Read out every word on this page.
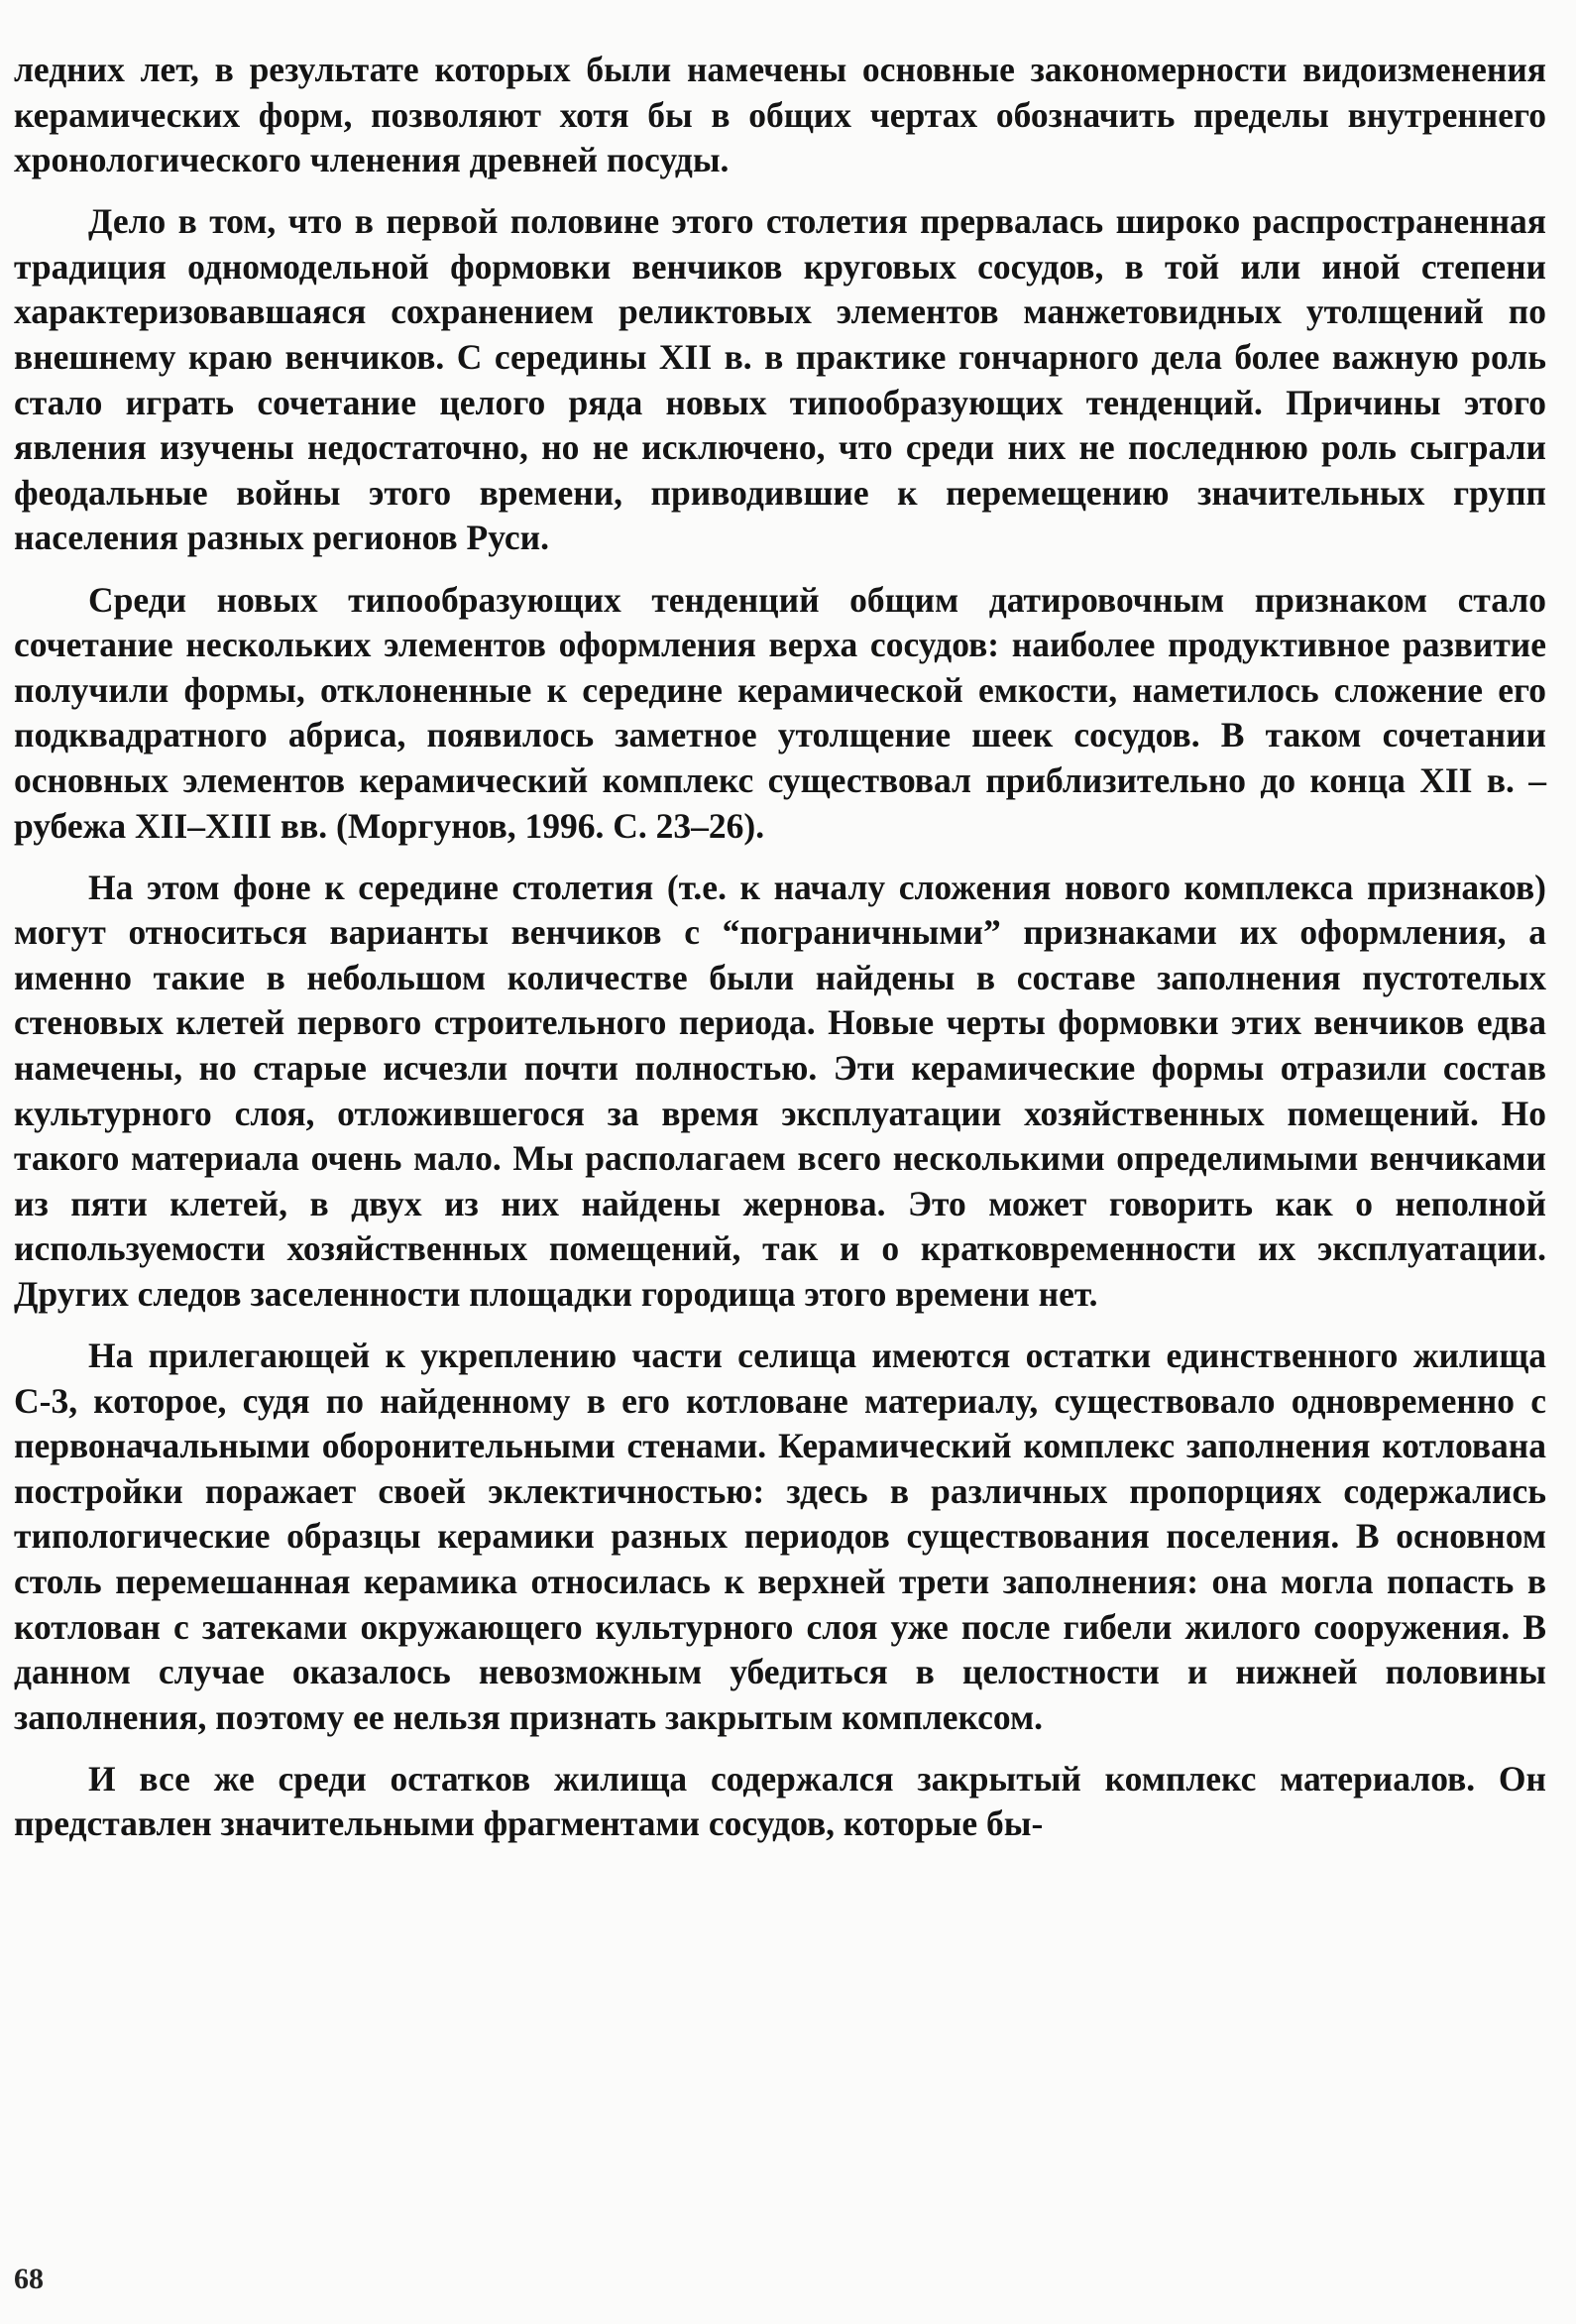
ледних лет, в результате которых были намечены основные закономерности видоизменения керамических форм, позволяют хотя бы в общих чертах обозначить пределы внутреннего хронологического членения древней посуды.

Дело в том, что в первой половине этого столетия прервалась широко распространенная традиция одномодельной формовки венчиков круговых сосудов, в той или иной степени характеризовавшаяся сохранением реликтовых элементов манжетовидных утолщений по внешнему краю венчиков. С середины XII в. в практике гончарного дела более важную роль стало играть сочетание целого ряда новых типообразующих тенденций. Причины этого явления изучены недостаточно, но не исключено, что среди них не последнюю роль сыграли феодальные войны этого времени, приводившие к перемещению значительных групп населения разных регионов Руси.

Среди новых типообразующих тенденций общим датировочным признаком стало сочетание нескольких элементов оформления верха сосудов: наиболее продуктивное развитие получили формы, отклоненные к середине керамической емкости, наметилось сложение его подквадратного абриса, появилось заметное утолщение шеек сосудов. В таком сочетании основных элементов керамический комплекс существовал приблизительно до конца XII в. – рубежа XII–XIII вв. (Моргунов, 1996. С. 23–26).

На этом фоне к середине столетия (т.е. к началу сложения нового комплекса признаков) могут относиться варианты венчиков с “пограничными” признаками их оформления, а именно такие в небольшом количестве были найдены в составе заполнения пустотелых стеновых клетей первого строительного периода. Новые черты формовки этих венчиков едва намечены, но старые исчезли почти полностью. Эти керамические формы отразили состав культурного слоя, отложившегося за время эксплуатации хозяйственных помещений. Но такого материала очень мало. Мы располагаем всего несколькими определимыми венчиками из пяти клетей, в двух из них найдены жернова. Это может говорить как о неполной используемости хозяйственных помещений, так и о кратковременности их эксплуатации. Других следов заселенности площадки городища этого времени нет.

На прилегающей к укреплению части селища имеются остатки единственного жилища С-3, которое, судя по найденному в его котловане материалу, существовало одновременно с первоначальными оборонительными стенами. Керамический комплекс заполнения котлована постройки поражает своей эклектичностью: здесь в различных пропорциях содержались типологические образцы керамики разных периодов существования поселения. В основном столь перемешанная керамика относилась к верхней трети заполнения: она могла попасть в котлован с затеками окружающего культурного слоя уже после гибели жилого сооружения. В данном случае оказалось невозможным убедиться в целостности и нижней половины заполнения, поэтому ее нельзя признать закрытым комплексом.

И все же среди остатков жилища содержался закрытый комплекс материалов. Он представлен значительными фрагментами сосудов, которые бы-

68
